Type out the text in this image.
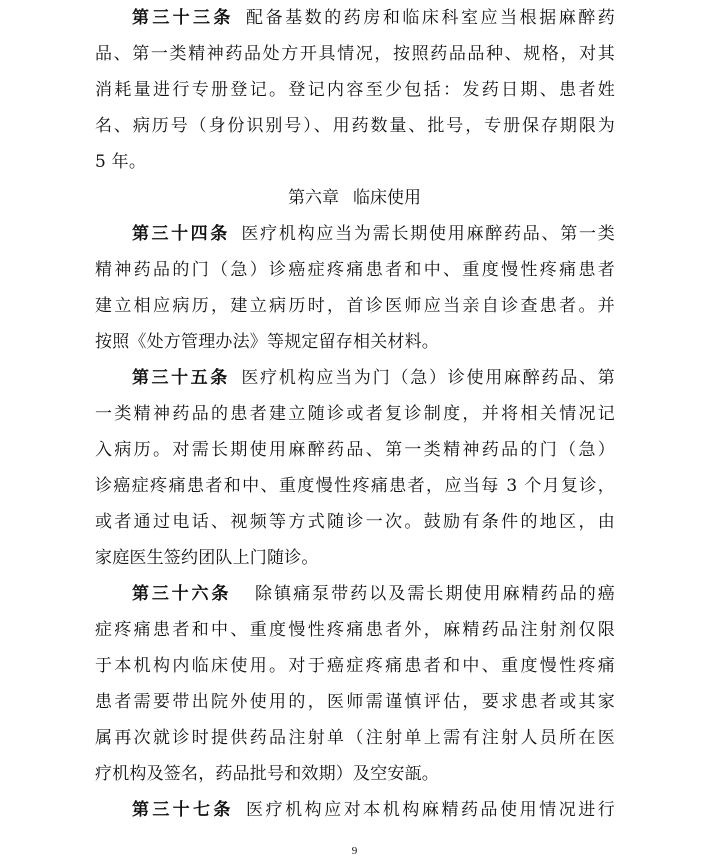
第三十三条 配备基数的药房和临床科室应当根据麻醉药
品、第一类精神药品处方开具情况，按照药品品种、规格，对其
消耗量进行专册登记。登记内容至少包括：发药日期、患者姓
名、病历号（身份识别号）、用药数量、批号，专册保存期限为
5 年。
第六章 临床使用
第三十四条 医疗机构应当为需长期使用麻醉药品、第一类
精神药品的门（急）诊癌症疼痛患者和中、重度慢性疼痛患者
建立相应病历，建立病历时，首诊医师应当亲自诊查患者。并
按照《处方管理办法》等规定留存相关材料。
第三十五条 医疗机构应当为门（急）诊使用麻醉药品、第
一类精神药品的患者建立随诊或者复诊制度，并将相关情况记
入病历。对需长期使用麻醉药品、第一类精神药品的门（急）
诊癌症疼痛患者和中、重度慢性疼痛患者，应当每 3 个月复诊，
或者通过电话、视频等方式随诊一次。鼓励有条件的地区，由
家庭医生签约团队上门随诊。
第三十六条 除镇痛泵带药以及需长期使用麻精药品的癌
症疼痛患者和中、重度慢性疼痛患者外，麻精药品注射剂仅限
于本机构内临床使用。对于癌症疼痛患者和中、重度慢性疼痛
患者需要带出院外使用的，医师需谨慎评估，要求患者或其家
属再次就诊时提供药品注射单（注射单上需有注射人员所在医
疗机构及签名，药品批号和效期）及空安瓿。
第三十七条 医疗机构应对本机构麻精药品使用情况进行
9
